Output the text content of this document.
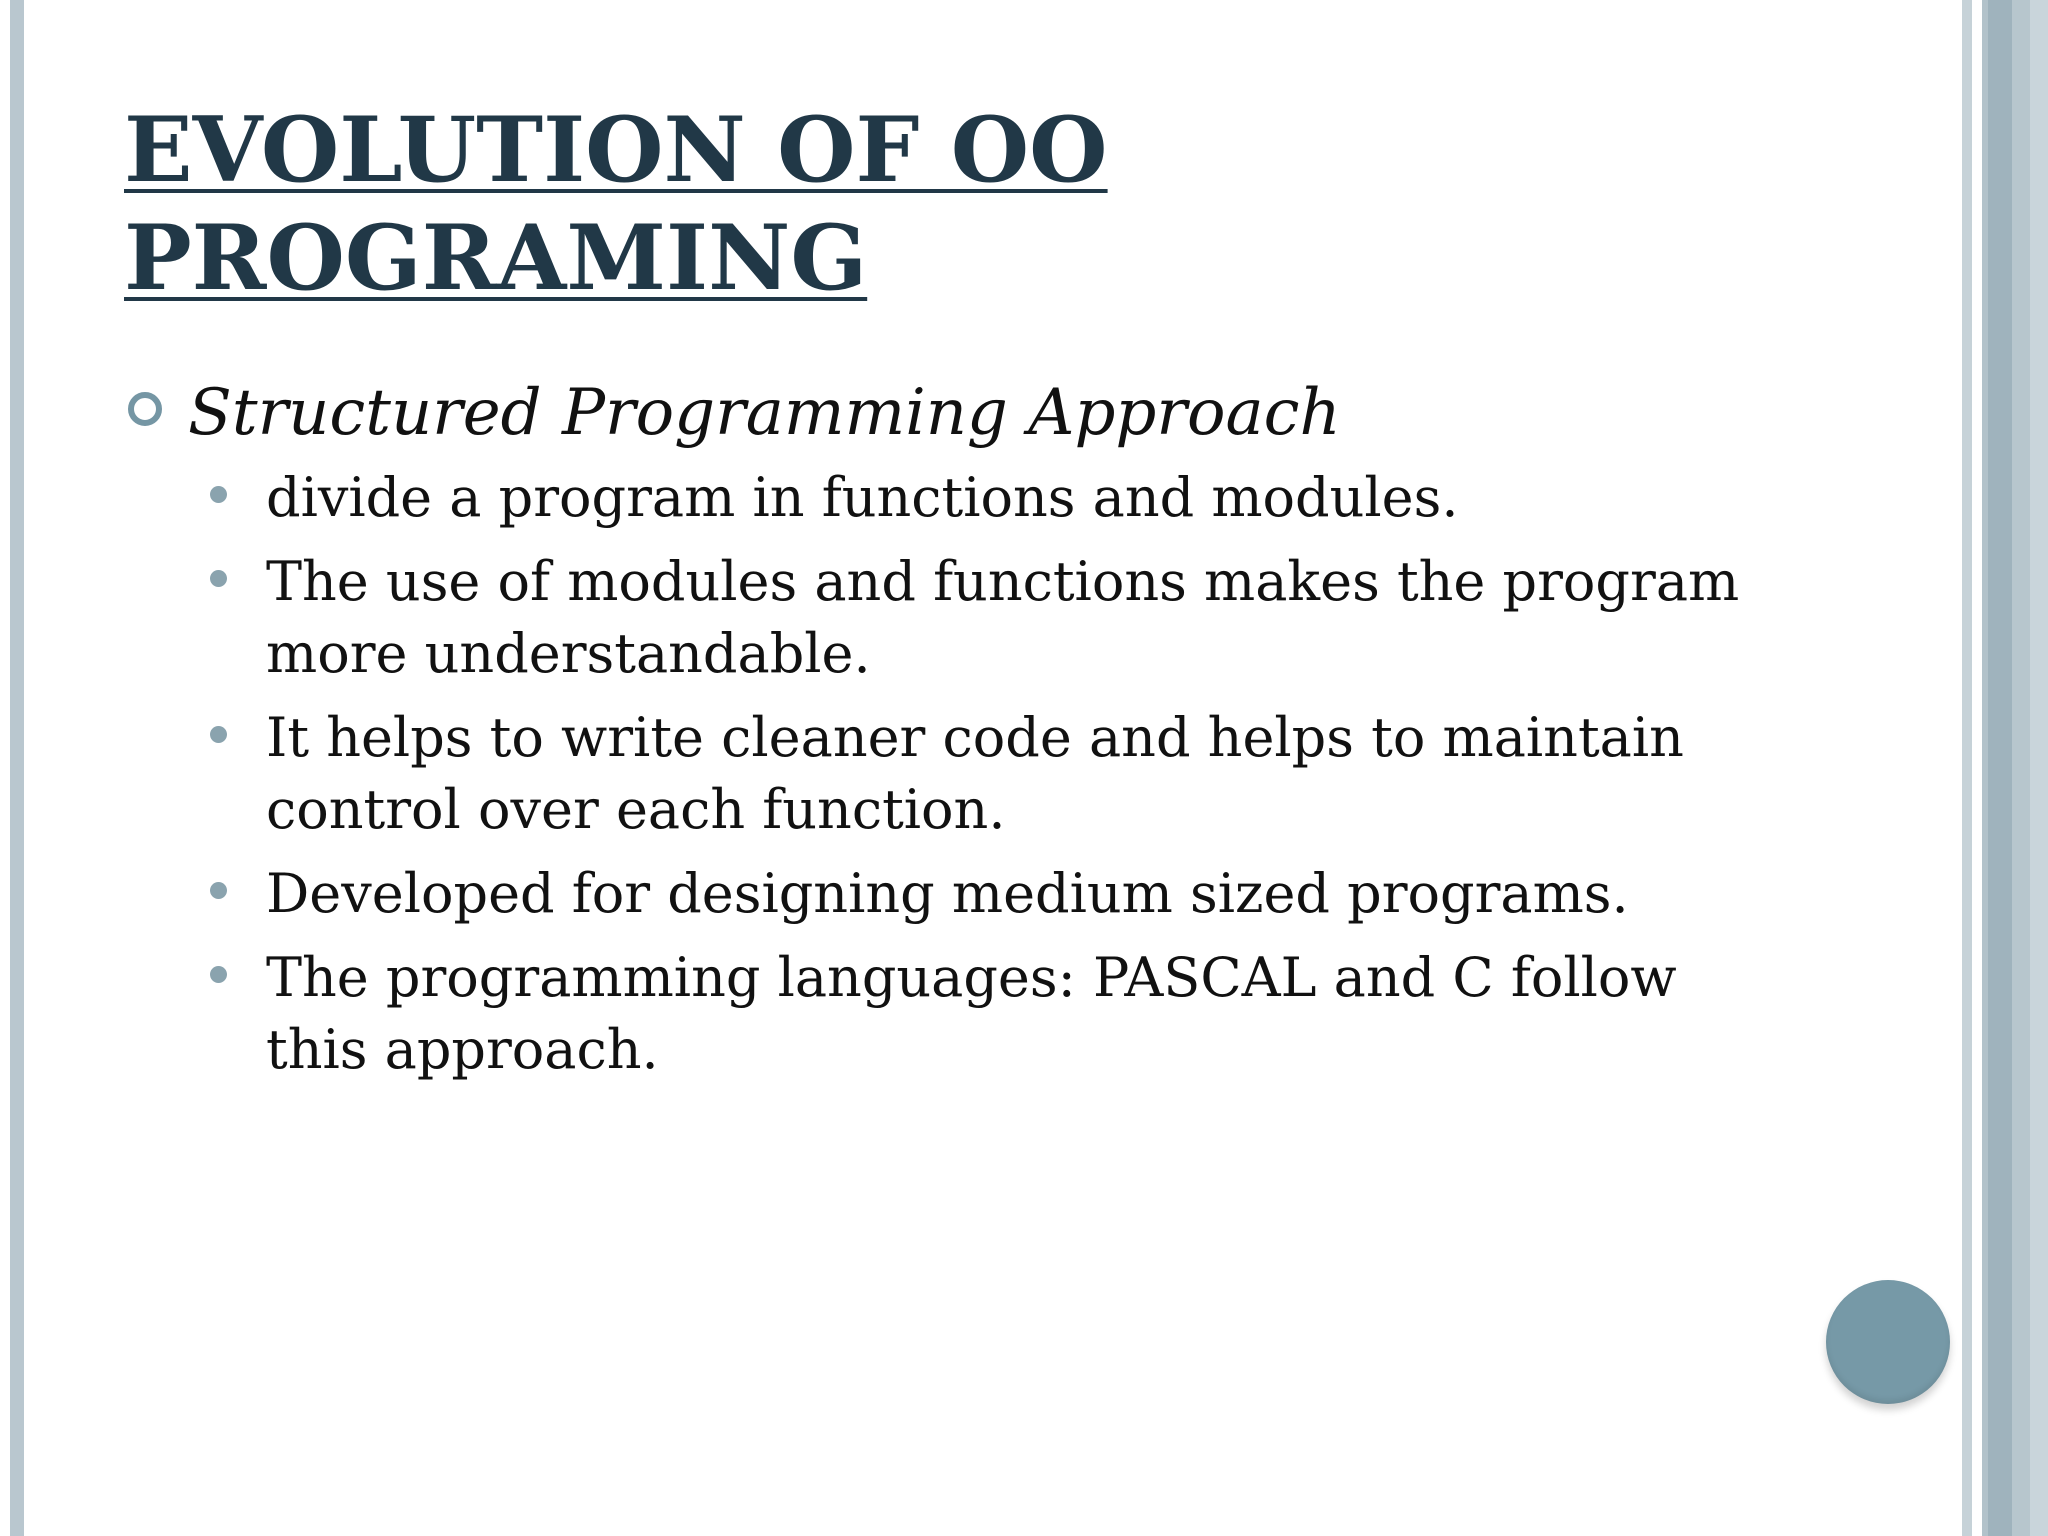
EVOLUTION OF OO PROGRAMING
Structured Programming Approach
divide a program in functions and modules.
The use of modules and functions makes the program more understandable.
It helps to write cleaner code and helps to maintain control over each function.
Developed for designing medium sized programs.
The programming languages: PASCAL and C follow this approach.
